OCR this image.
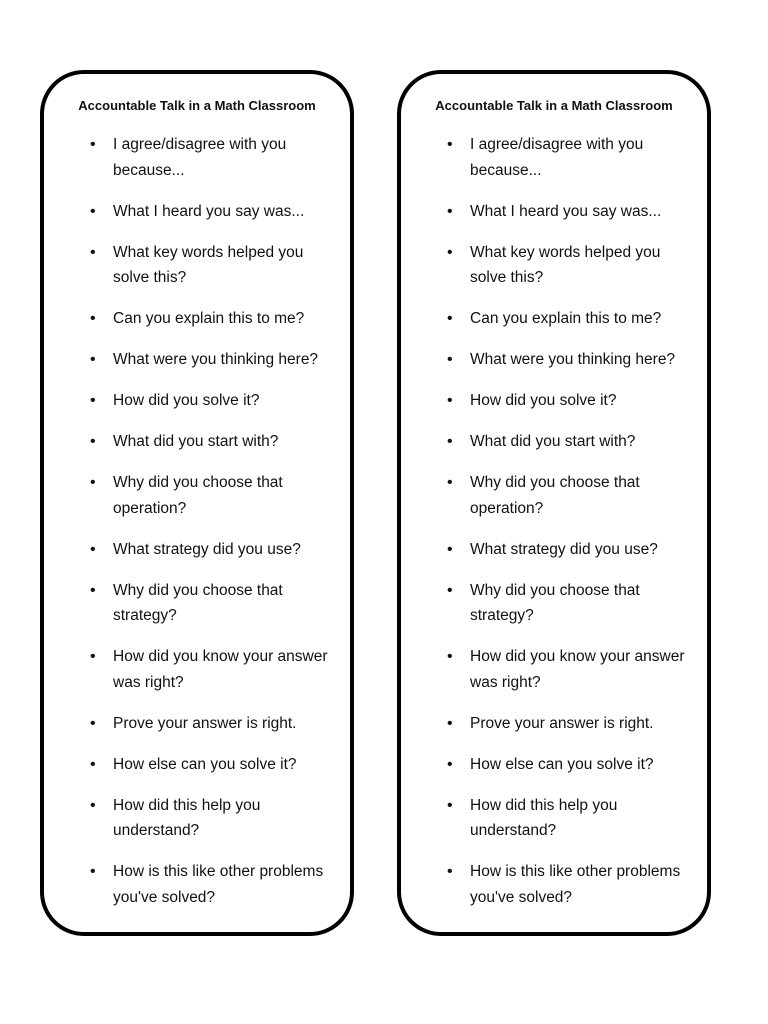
Accountable Talk in a Math Classroom
• I agree/disagree with you because...
• What I heard you say was...
• What key words helped you solve this?
• Can you explain this to me?
• What were you thinking here?
• How did you solve it?
• What did you start with?
• Why did you choose that operation?
• What strategy did you use?
• Why did you choose that strategy?
• How did you know your answer was right?
• Prove your answer is right.
• How else can you solve it?
• How did this help you understand?
• How is this like other problems you've solved?
Accountable Talk in a Math Classroom
• I agree/disagree with you because...
• What I heard you say was...
• What key words helped you solve this?
• Can you explain this to me?
• What were you thinking here?
• How did you solve it?
• What did you start with?
• Why did you choose that operation?
• What strategy did you use?
• Why did you choose that strategy?
• How did you know your answer was right?
• Prove your answer is right.
• How else can you solve it?
• How did this help you understand?
• How is this like other problems you've solved?
